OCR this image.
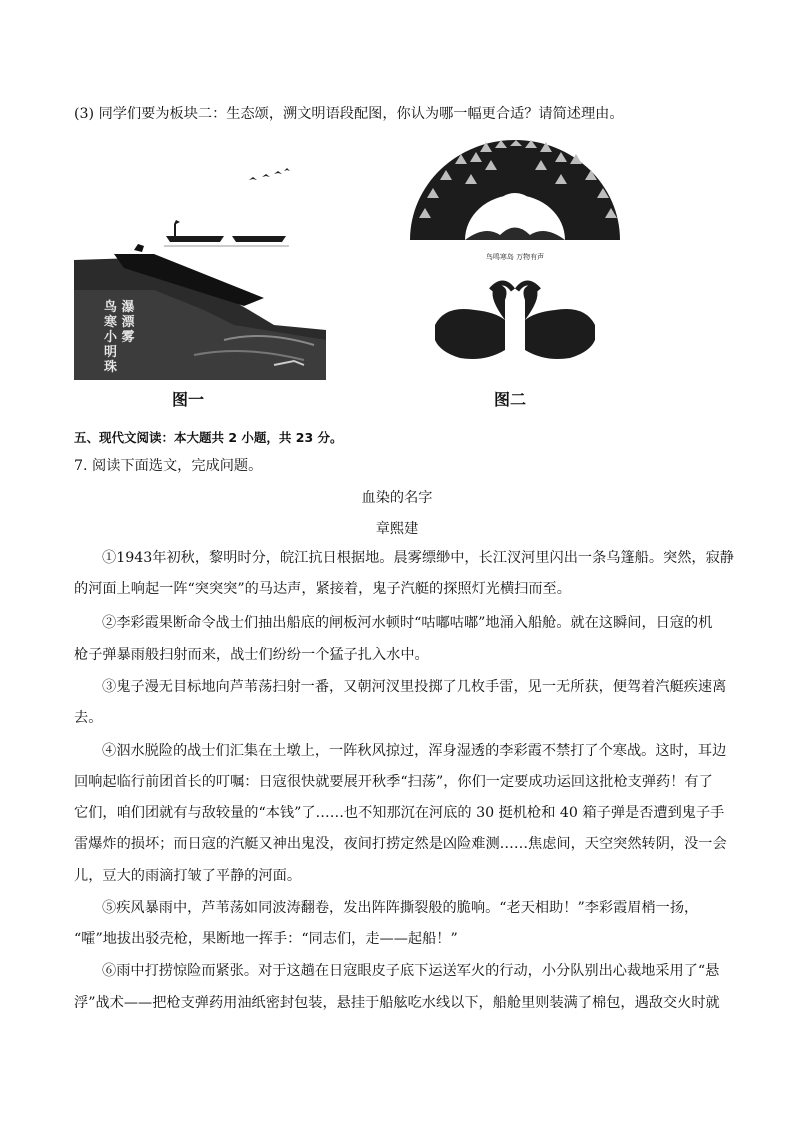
(3) 同学们要为板块二：生态颂，溯文明语段配图，你认为哪一幅更合适？请简述理由。
鸟 瀑
寒 漂
小 雾
明
珠
图一
鸟鸣寒岛 万物有声
图二
五、现代文阅读：本大题共 2 小题，共 23 分。
7. 阅读下面选文，完成问题。
血染的名字
章熙建
①1943年初秋，黎明时分，皖江抗日根据地。晨雾缥缈中，长江汊河里闪出一条乌篷船。突然，寂静
的河面上响起一阵“突突突”的马达声，紧接着，鬼子汽艇的探照灯光横扫而至。
②李彩霞果断命令战士们抽出船底的闸板河水顿时“咕嘟咕嘟”地涌入船舱。就在这瞬间，日寇的机
枪子弹暴雨般扫射而来，战士们纷纷一个猛子扎入水中。
③鬼子漫无目标地向芦苇荡扫射一番，又朝河汊里投掷了几枚手雷，见一无所获，便驾着汽艇疾速离
去。
④泅水脱险的战士们汇集在土墩上，一阵秋风掠过，浑身湿透的李彩霞不禁打了个寒战。这时，耳边
回响起临行前团首长的叮嘱：日寇很快就要展开秋季“扫荡”，你们一定要成功运回这批枪支弹药！有了
它们，咱们团就有与敌较量的“本钱”了……也不知那沉在河底的 30 挺机枪和 40 箱子弹是否遭到鬼子手
雷爆炸的损坏；而日寇的汽艇又神出鬼没，夜间打捞定然是凶险难测……焦虑间，天空突然转阴，没一会
儿，豆大的雨滴打皱了平静的河面。
⑤疾风暴雨中，芦苇荡如同波涛翻卷，发出阵阵撕裂般的脆响。“老天相助！”李彩霞眉梢一扬，
“嚯”地拔出驳壳枪，果断地一挥手：“同志们，走——起船！”
⑥雨中打捞惊险而紧张。对于这趟在日寇眼皮子底下运送军火的行动，小分队别出心裁地采用了“悬
浮”战术——把枪支弹药用油纸密封包装，悬挂于船舷吃水线以下，船舱里则装满了棉包，遇敌交火时就
